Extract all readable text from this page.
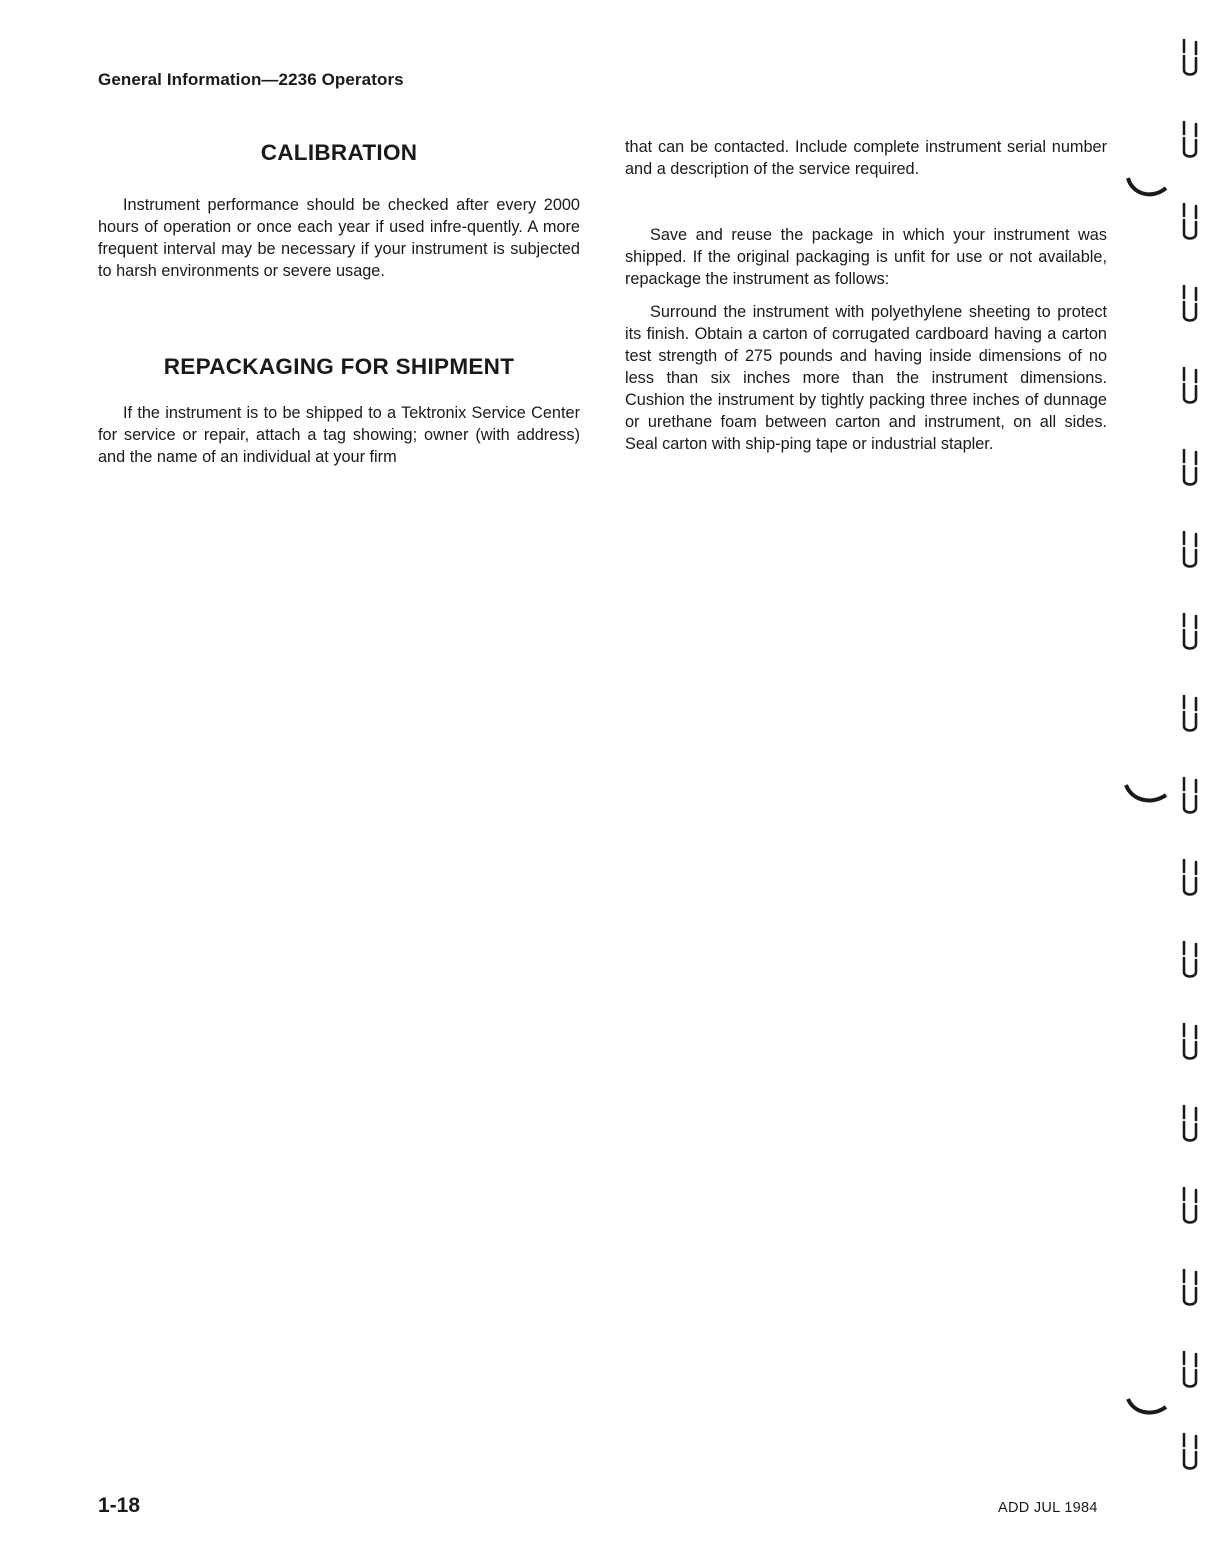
General Information—2236 Operators
CALIBRATION

Instrument performance should be checked after every 2000 hours of operation or once each year if used infre-quently. A more frequent interval may be necessary if your instrument is subjected to harsh environments or severe usage.

REPACKAGING FOR SHIPMENT

If the instrument is to be shipped to a Tektronix Service Center for service or repair, attach a tag showing; owner (with address) and the name of an individual at your firm

that can be contacted. Include complete instrument serial number and a description of the service required.

Save and reuse the package in which your instrument was shipped. If the original packaging is unfit for use or not available, repackage the instrument as follows:

Surround the instrument with polyethylene sheeting to protect its finish. Obtain a carton of corrugated cardboard having a carton test strength of 275 pounds and having inside dimensions of no less than six inches more than the instrument dimensions. Cushion the instrument by tightly packing three inches of dunnage or urethane foam between carton and instrument, on all sides. Seal carton with ship-ping tape or industrial stapler.

1-18	ADD JUL 1984
